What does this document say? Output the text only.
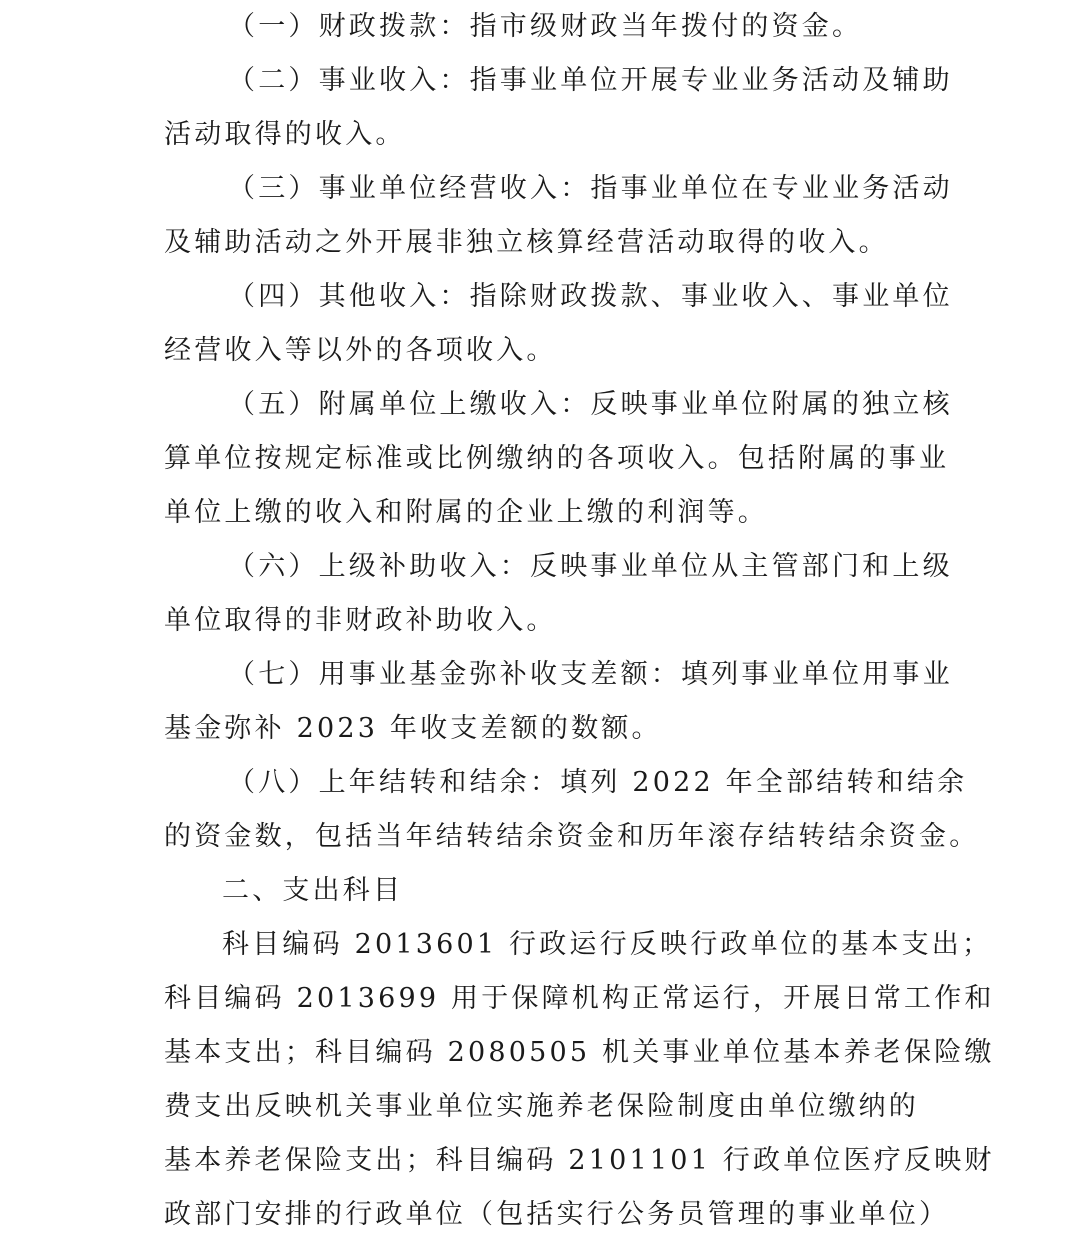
（一）财政拨款：指市级财政当年拨付的资金。
（二）事业收入：指事业单位开展专业业务活动及辅助
活动取得的收入。
（三）事业单位经营收入：指事业单位在专业业务活动
及辅助活动之外开展非独立核算经营活动取得的收入。
（四）其他收入：指除财政拨款、事业收入、事业单位
经营收入等以外的各项收入。
（五）附属单位上缴收入：反映事业单位附属的独立核
算单位按规定标准或比例缴纳的各项收入。包括附属的事业
单位上缴的收入和附属的企业上缴的利润等。
（六）上级补助收入：反映事业单位从主管部门和上级
单位取得的非财政补助收入。
（七）用事业基金弥补收支差额：填列事业单位用事业
基金弥补 2023 年收支差额的数额。
（八）上年结转和结余：填列 2022 年全部结转和结余
的资金数，包括当年结转结余资金和历年滚存结转结余资金。
二、支出科目
科目编码 2013601 行政运行反映行政单位的基本支出；
科目编码 2013699 用于保障机构正常运行，开展日常工作和
基本支出；科目编码 2080505 机关事业单位基本养老保险缴
费支出反映机关事业单位实施养老保险制度由单位缴纳的
基本养老保险支出；科目编码 2101101 行政单位医疗反映财
政部门安排的行政单位（包括实行公务员管理的事业单位）
